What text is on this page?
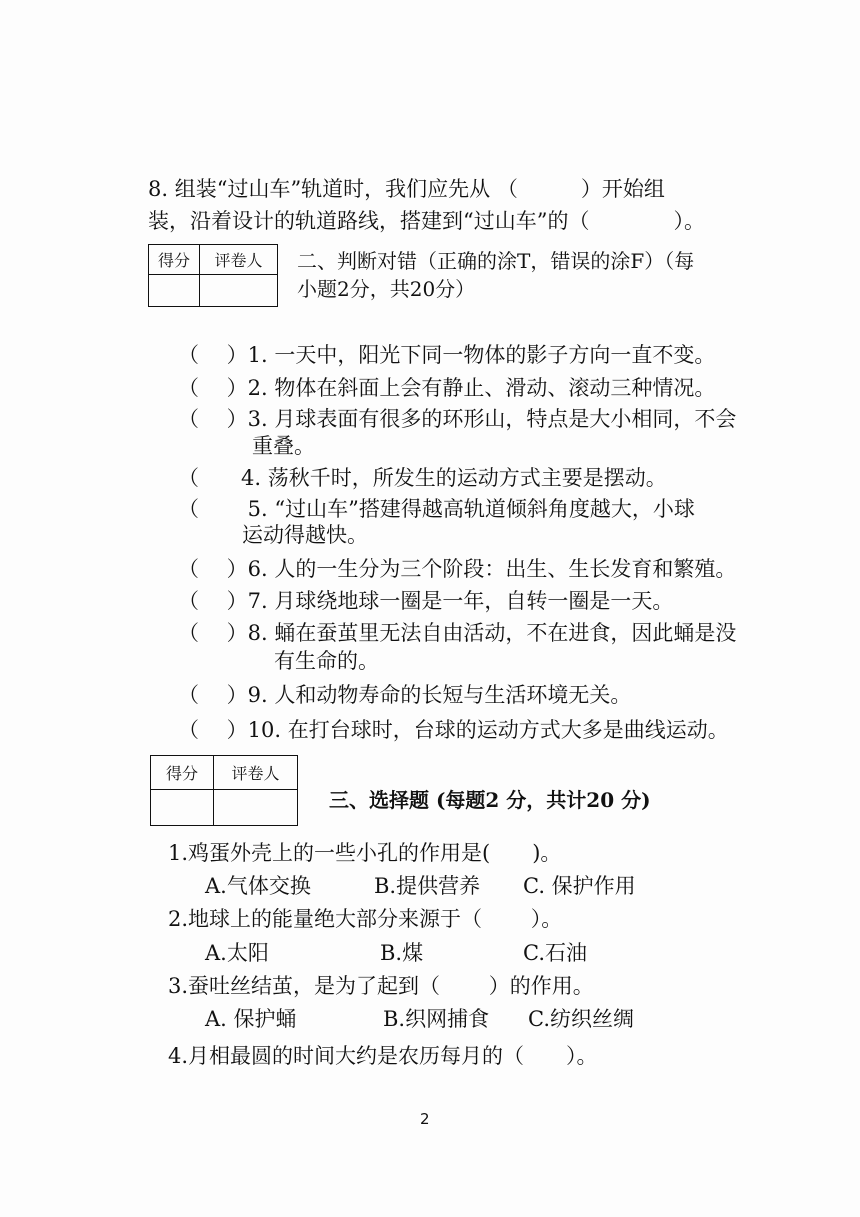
8. 组装“过山车”轨道时，我们应先从 （　　　）开始组
装，沿着设计的轨道路线，搭建到“过山车”的（　　　　）。
得分	评卷人
	二、判断对错（正确的涂T，错误的涂F）（每
小题2分，共20分）
（　 ）1. 一天中，阳光下同一物体的影子方向一直不变。
（　 ）2. 物体在斜面上会有静止、滑动、滚动三种情况。
（　 ）3. 月球表面有很多的环形山，特点是大小相同，不会
重叠。
（　　4. 荡秋千时，所发生的运动方式主要是摆动。
（　　 5. “过山车”搭建得越高轨道倾斜角度越大，小球
运动得越快。
（　 ）6. 人的一生分为三个阶段：出生、生长发育和繁殖。
（　 ）7. 月球绕地球一圈是一年，自转一圈是一天。
（　 ）8. 蛹在蚕茧里无法自由活动，不在进食，因此蛹是没
有生命的。
（　 ）9. 人和动物寿命的长短与生活环境无关。
（　 ）10. 在打台球时，台球的运动方式大多是曲线运动。
得分	评卷人

三、选择题 (每题2 分，共计20 分)
1.鸡蛋外壳上的一些小孔的作用是(　　)。
A.气体交换	B.提供营养 C. 保护作用
2.地球上的能量绝大部分来源于（　　 ）。
A.太阳	B.煤	C.石油
3.蚕吐丝结茧，是为了起到（　　 ）的作用。
A. 保护蛹	B.织网捕食 C.纺织丝绸
4.月相最圆的时间大约是农历每月的（　　）。
2
